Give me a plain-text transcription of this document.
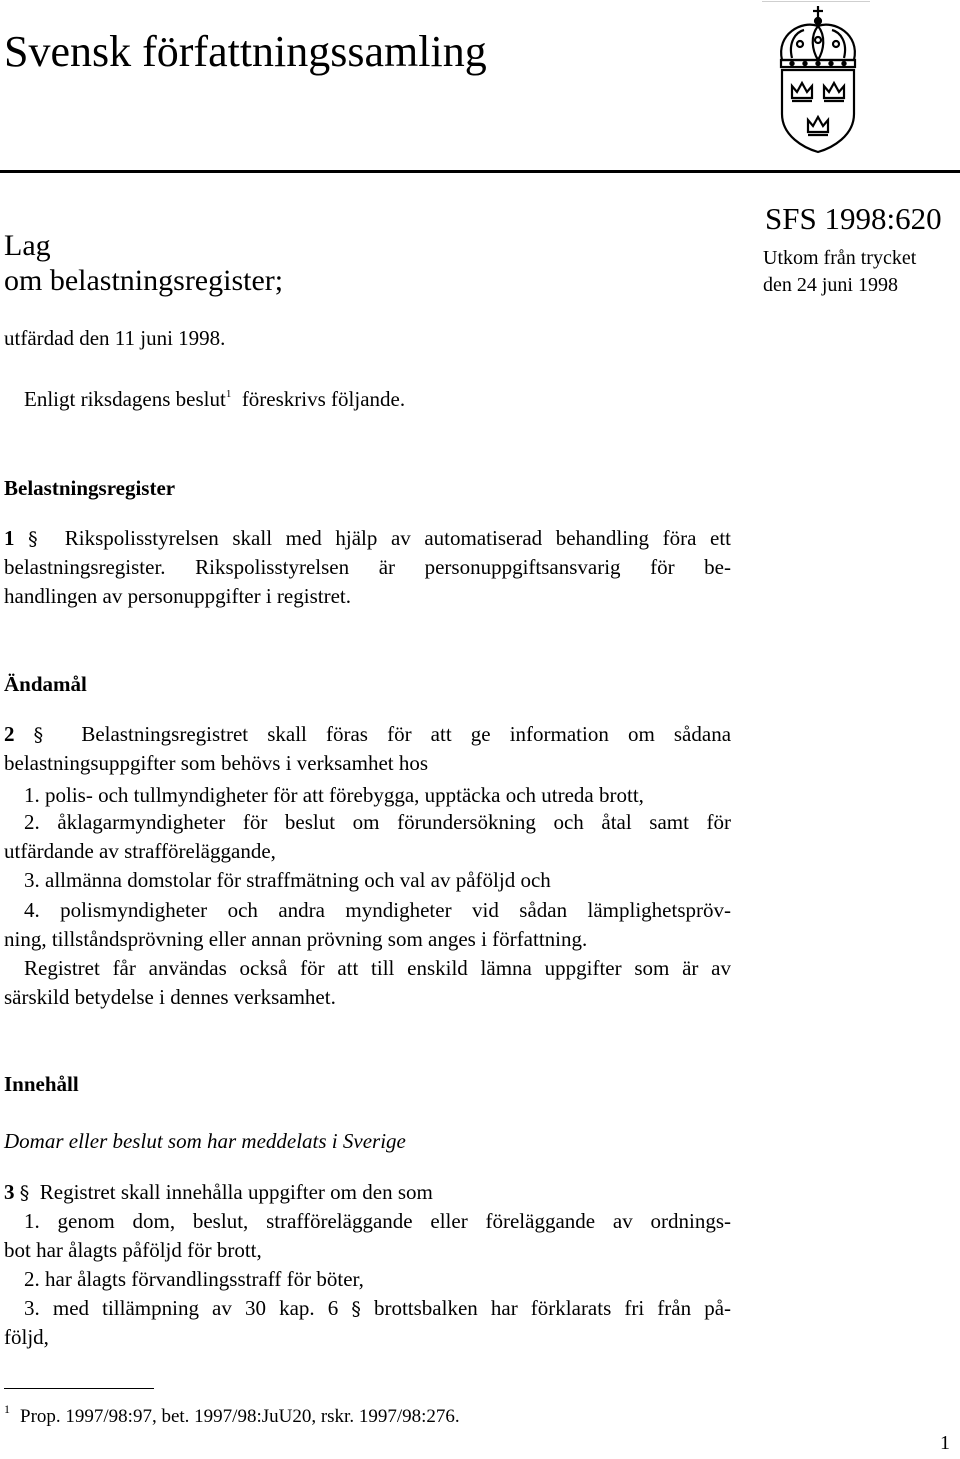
Svensk författningssamling
Lag
om belastningsregister;
SFS 1998:620
Utkom från trycket
den 24 juni 1998
utfärdad den 11 juni 1998.
Enligt riksdagens beslut$^1$ föreskrivs följande.
Belastningsregister
1 § Rikspolisstyrelsen skall med hjälp av automatiserad behandling föra ett
belastningsregister. Rikspolisstyrelsen är personuppgiftsansvarig för be-
handlingen av personuppgifter i registret.
Ändamål
2 § Belastningsregistret skall föras för att ge information om sådana
belastningsuppgifter som behövs i verksamhet hos
1. polis- och tullmyndigheter för att förebygga, upptäcka och utreda brott,
2. åklagarmyndigheter för beslut om förundersökning och åtal samt för
utfärdande av strafföreläggande,
3. allmänna domstolar för straffmätning och val av påföljd och
4. polismyndigheter och andra myndigheter vid sådan lämplighetspröv-
ning, tillståndsprövning eller annan prövning som anges i författning.
Registret får användas också för att till enskild lämna uppgifter som är av
särskild betydelse i dennes verksamhet.
Innehåll
Domar eller beslut som har meddelats i Sverige
3 § Registret skall innehålla uppgifter om den som
1. genom dom, beslut, strafföreläggande eller föreläggande av ordnings-
bot har ålagts påföljd för brott,
2. har ålagts förvandlingsstraff för böter,
3. med tillämpning av 30 kap. 6 § brottsbalken har förklarats fri från på-
följd,
1 Prop. 1997/98:97, bet. 1997/98:JuU20, rskr. 1997/98:276.
1
